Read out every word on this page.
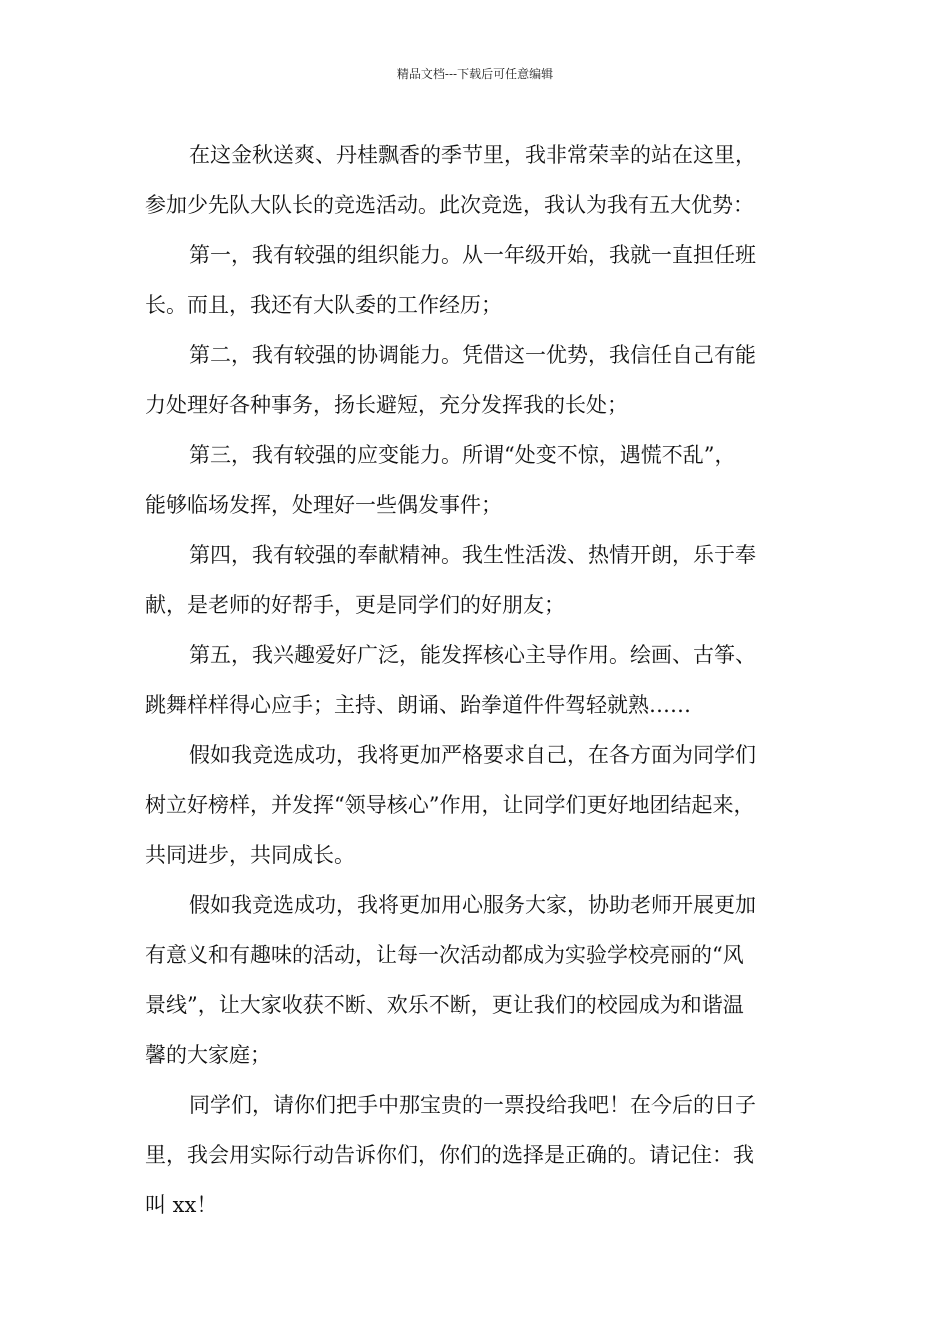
精品文档---下载后可任意编辑
在这金秋送爽、丹桂飘香的季节里，我非常荣幸的站在这里，
参加少先队大队长的竞选活动。此次竞选，我认为我有五大优势：
第一，我有较强的组织能力。从一年级开始，我就一直担任班
长。而且，我还有大队委的工作经历；
第二，我有较强的协调能力。凭借这一优势，我信任自己有能
力处理好各种事务，扬长避短，充分发挥我的长处；
第三，我有较强的应变能力。所谓“处变不惊，遇慌不乱”，
能够临场发挥，处理好一些偶发事件；
第四，我有较强的奉献精神。我生性活泼、热情开朗，乐于奉
献，是老师的好帮手，更是同学们的好朋友；
第五，我兴趣爱好广泛，能发挥核心主导作用。绘画、古筝、
跳舞样样得心应手；主持、朗诵、跆拳道件件驾轻就熟……
假如我竞选成功，我将更加严格要求自己，在各方面为同学们
树立好榜样，并发挥“领导核心”作用，让同学们更好地团结起来，
共同进步，共同成长。
假如我竞选成功，我将更加用心服务大家，协助老师开展更加
有意义和有趣味的活动，让每一次活动都成为实验学校亮丽的“风
景线”，让大家收获不断、欢乐不断，更让我们的校园成为和谐温
馨的大家庭；
同学们，请你们把手中那宝贵的一票投给我吧！在今后的日子
里，我会用实际行动告诉你们，你们的选择是正确的。请记住：我
叫 xx！
